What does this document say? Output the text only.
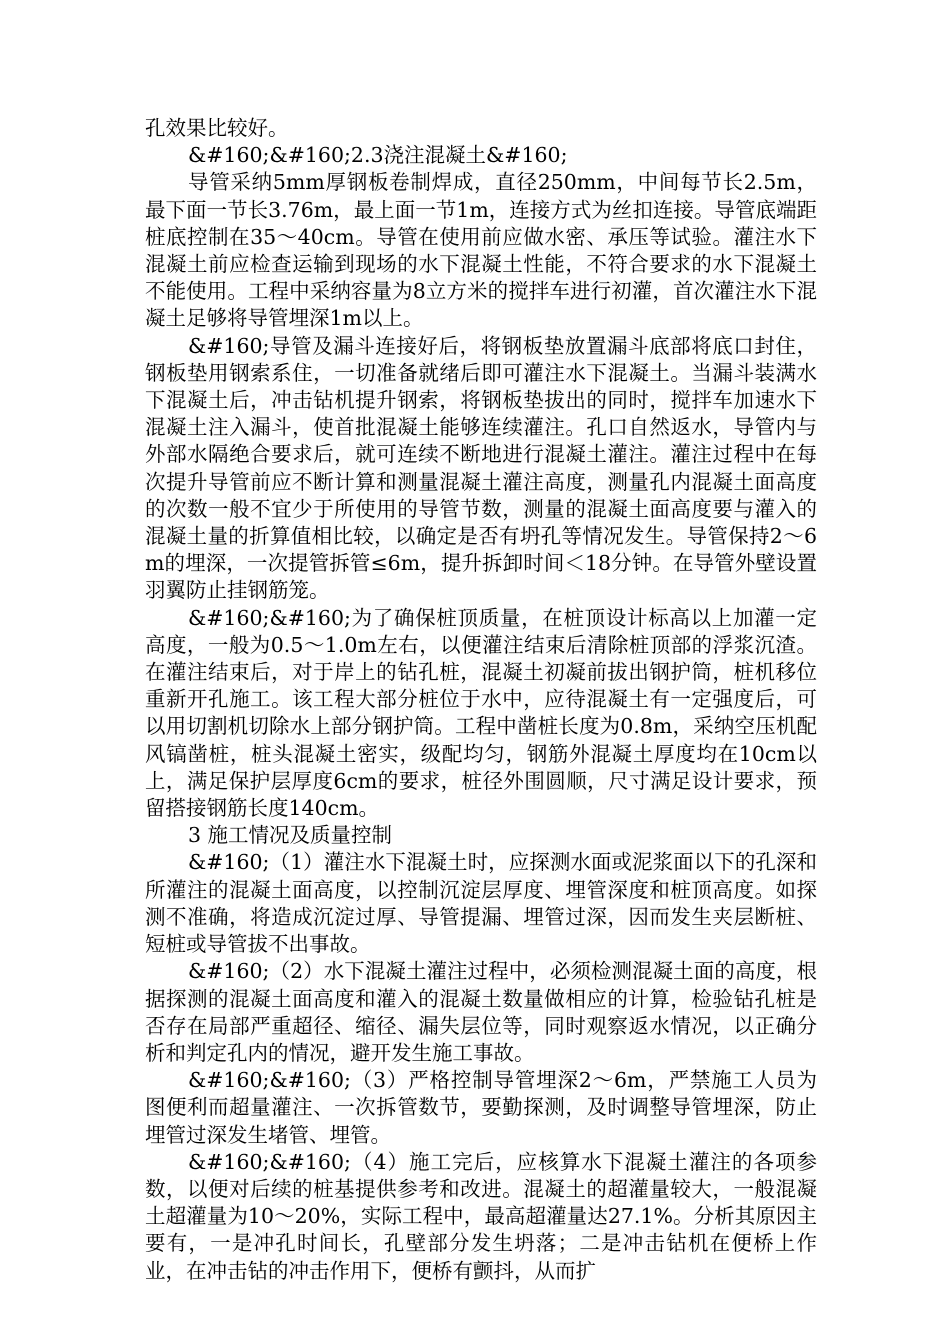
孔效果比较好。

&#160;&#160;2.3浇注混凝土&#160;

导管采纳5mm厚钢板卷制焊成，直径250mm，中间每节长2.5m，最下面一节长3.76m，最上面一节1m，连接方式为丝扣连接。导管底端距桩底控制在35～40cm。导管在使用前应做水密、承压等试验。灌注水下混凝土前应检查运输到现场的水下混凝土性能，不符合要求的水下混凝土不能使用。工程中采纳容量为8立方米的搅拌车进行初灌，首次灌注水下混凝土足够将导管埋深1m以上。

&#160;导管及漏斗连接好后，将钢板垫放置漏斗底部将底口封住，钢板垫用钢索系住，一切准备就绪后即可灌注水下混凝土。当漏斗装满水下混凝土后，冲击钻机提升钢索，将钢板垫拔出的同时，搅拌车加速水下混凝土注入漏斗，使首批混凝土能够连续灌注。孔口自然返水，导管内与外部水隔绝合要求后，就可连续不断地进行混凝土灌注。灌注过程中在每次提升导管前应不断计算和测量混凝土灌注高度，测量孔内混凝土面高度的次数一般不宜少于所使用的导管节数，测量的混凝土面高度要与灌入的混凝土量的折算值相比较，以确定是否有坍孔等情况发生。导管保持2～6m的埋深，一次提管拆管≤6m，提升拆卸时间＜18分钟。在导管外壁设置羽翼防止挂钢筋笼。

&#160;&#160;为了确保桩顶质量，在桩顶设计标高以上加灌一定高度，一般为0.5～1.0m左右，以便灌注结束后清除桩顶部的浮浆沉渣。在灌注结束后，对于岸上的钻孔桩，混凝土初凝前拔出钢护筒，桩机移位重新开孔施工。该工程大部分桩位于水中，应待混凝土有一定强度后，可以用切割机切除水上部分钢护筒。工程中凿桩长度为0.8m，采纳空压机配风镐凿桩，桩头混凝土密实，级配均匀，钢筋外混凝土厚度均在10cm以上，满足保护层厚度6cm的要求，桩径外围圆顺，尺寸满足设计要求，预留搭接钢筋长度140cm。

3 施工情况及质量控制

&#160;（1）灌注水下混凝土时，应探测水面或泥浆面以下的孔深和所灌注的混凝土面高度，以控制沉淀层厚度、埋管深度和桩顶高度。如探测不准确，将造成沉淀过厚、导管提漏、埋管过深，因而发生夹层断桩、短桩或导管拔不出事故。

&#160;（2）水下混凝土灌注过程中，必须检测混凝土面的高度，根据探测的混凝土面高度和灌入的混凝土数量做相应的计算，检验钻孔桩是否存在局部严重超径、缩径、漏失层位等，同时观察返水情况，以正确分析和判定孔内的情况，避开发生施工事故。

&#160;&#160;（3）严格控制导管埋深2～6m，严禁施工人员为图便利而超量灌注、一次拆管数节，要勤探测，及时调整导管埋深，防止埋管过深发生堵管、埋管。

&#160;&#160;（4）施工完后，应核算水下混凝土灌注的各项参数，以便对后续的桩基提供参考和改进。混凝土的超灌量较大，一般混凝土超灌量为10～20%，实际工程中，最高超灌量达27.1%。分析其原因主要有，一是冲孔时间长，孔壁部分发生坍落；二是冲击钻机在便桥上作业，在冲击钻的冲击作用下，便桥有颤抖，从而扩
